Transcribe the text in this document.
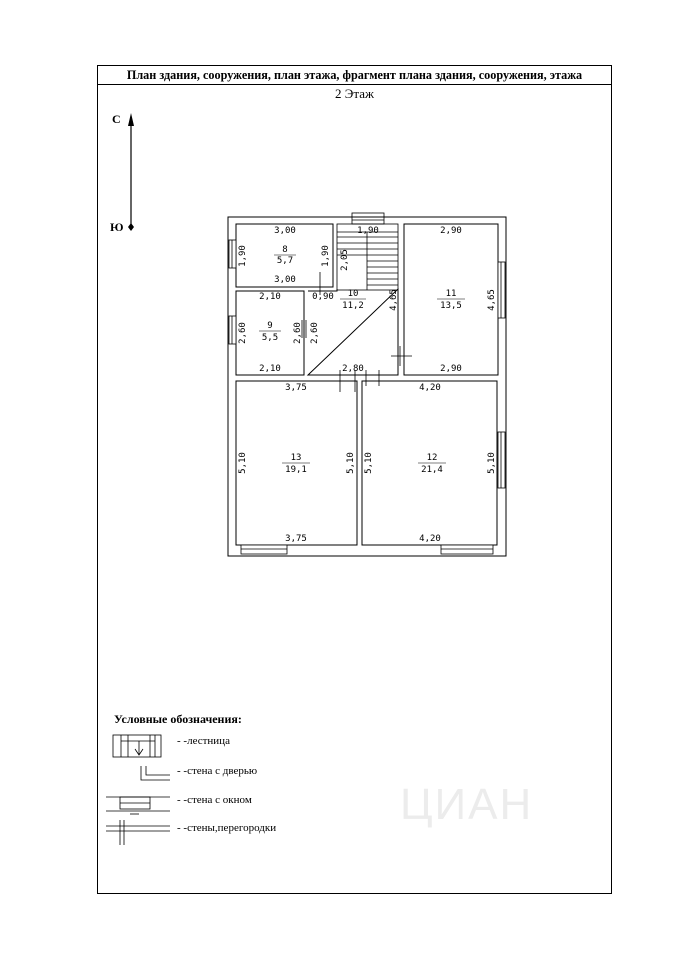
План здания, сооружения, план этажа, фрагмент плана здания, сооружения, этажа
2 Этаж
С
Ю
ЦИАН
8
5,7
9
5,5
10
11,2
11
13,5
12
21,4
13
19,1
3,00
3,00
1,90	1,90
1,90
2,05
0,90
2,90
2,90
4,65	4,65
2,10
2,10
2,60	2,60 2,60
2,80
3,75
3,75
4,20
4,20
5,10	5,10 5,10	5,10
Условные обозначения:
- -лестница
- -стена с дверью
- -стена с окном
- -стены,перегородки
